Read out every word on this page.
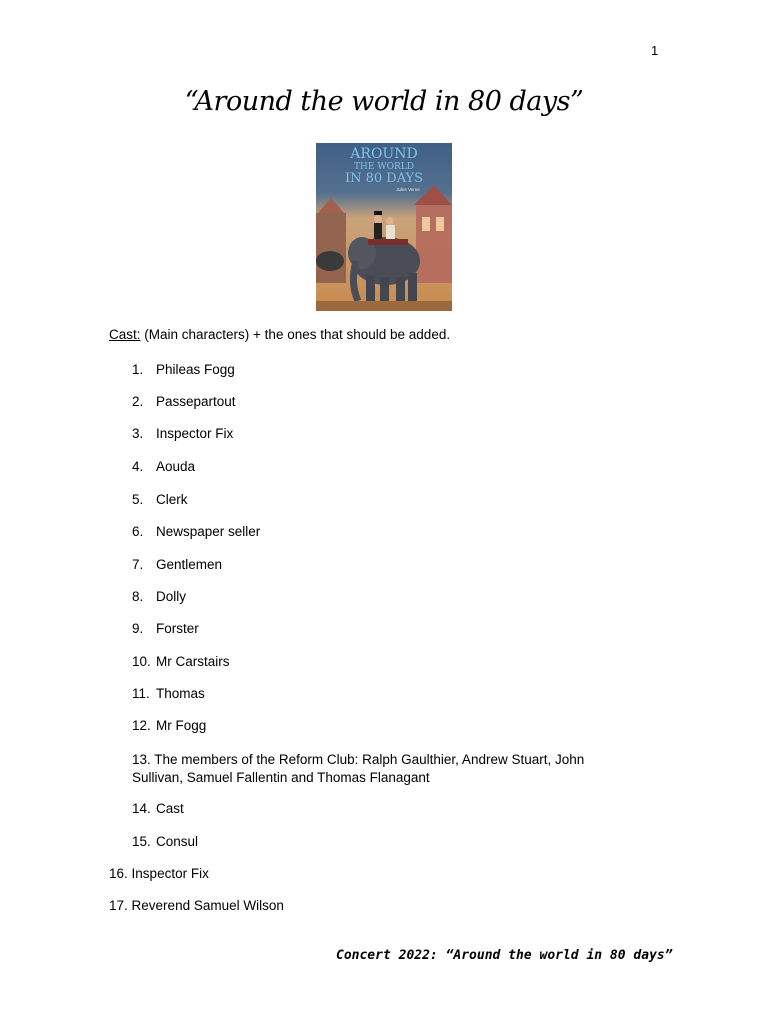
1
“Around the world in 80 days”
AROUND
THE WORLD
IN 80 DAYS
Jules Verne
Cast: (Main characters) + the ones that should be added.
1. Phileas Fogg
2. Passepartout
3. Inspector Fix
4. Aouda
5. Clerk
6. Newspaper seller
7. Gentlemen
8. Dolly
9. Forster
10. Mr Carstairs
11. Thomas
12. Mr Fogg
13. The members of the Reform Club: Ralph Gaulthier, Andrew Stuart, John Sullivan, Samuel Fallentin and Thomas Flanagant
14. Cast
15. Consul
16. Inspector Fix
17. Reverend Samuel Wilson
Concert 2022: “Around the world in 80 days”
